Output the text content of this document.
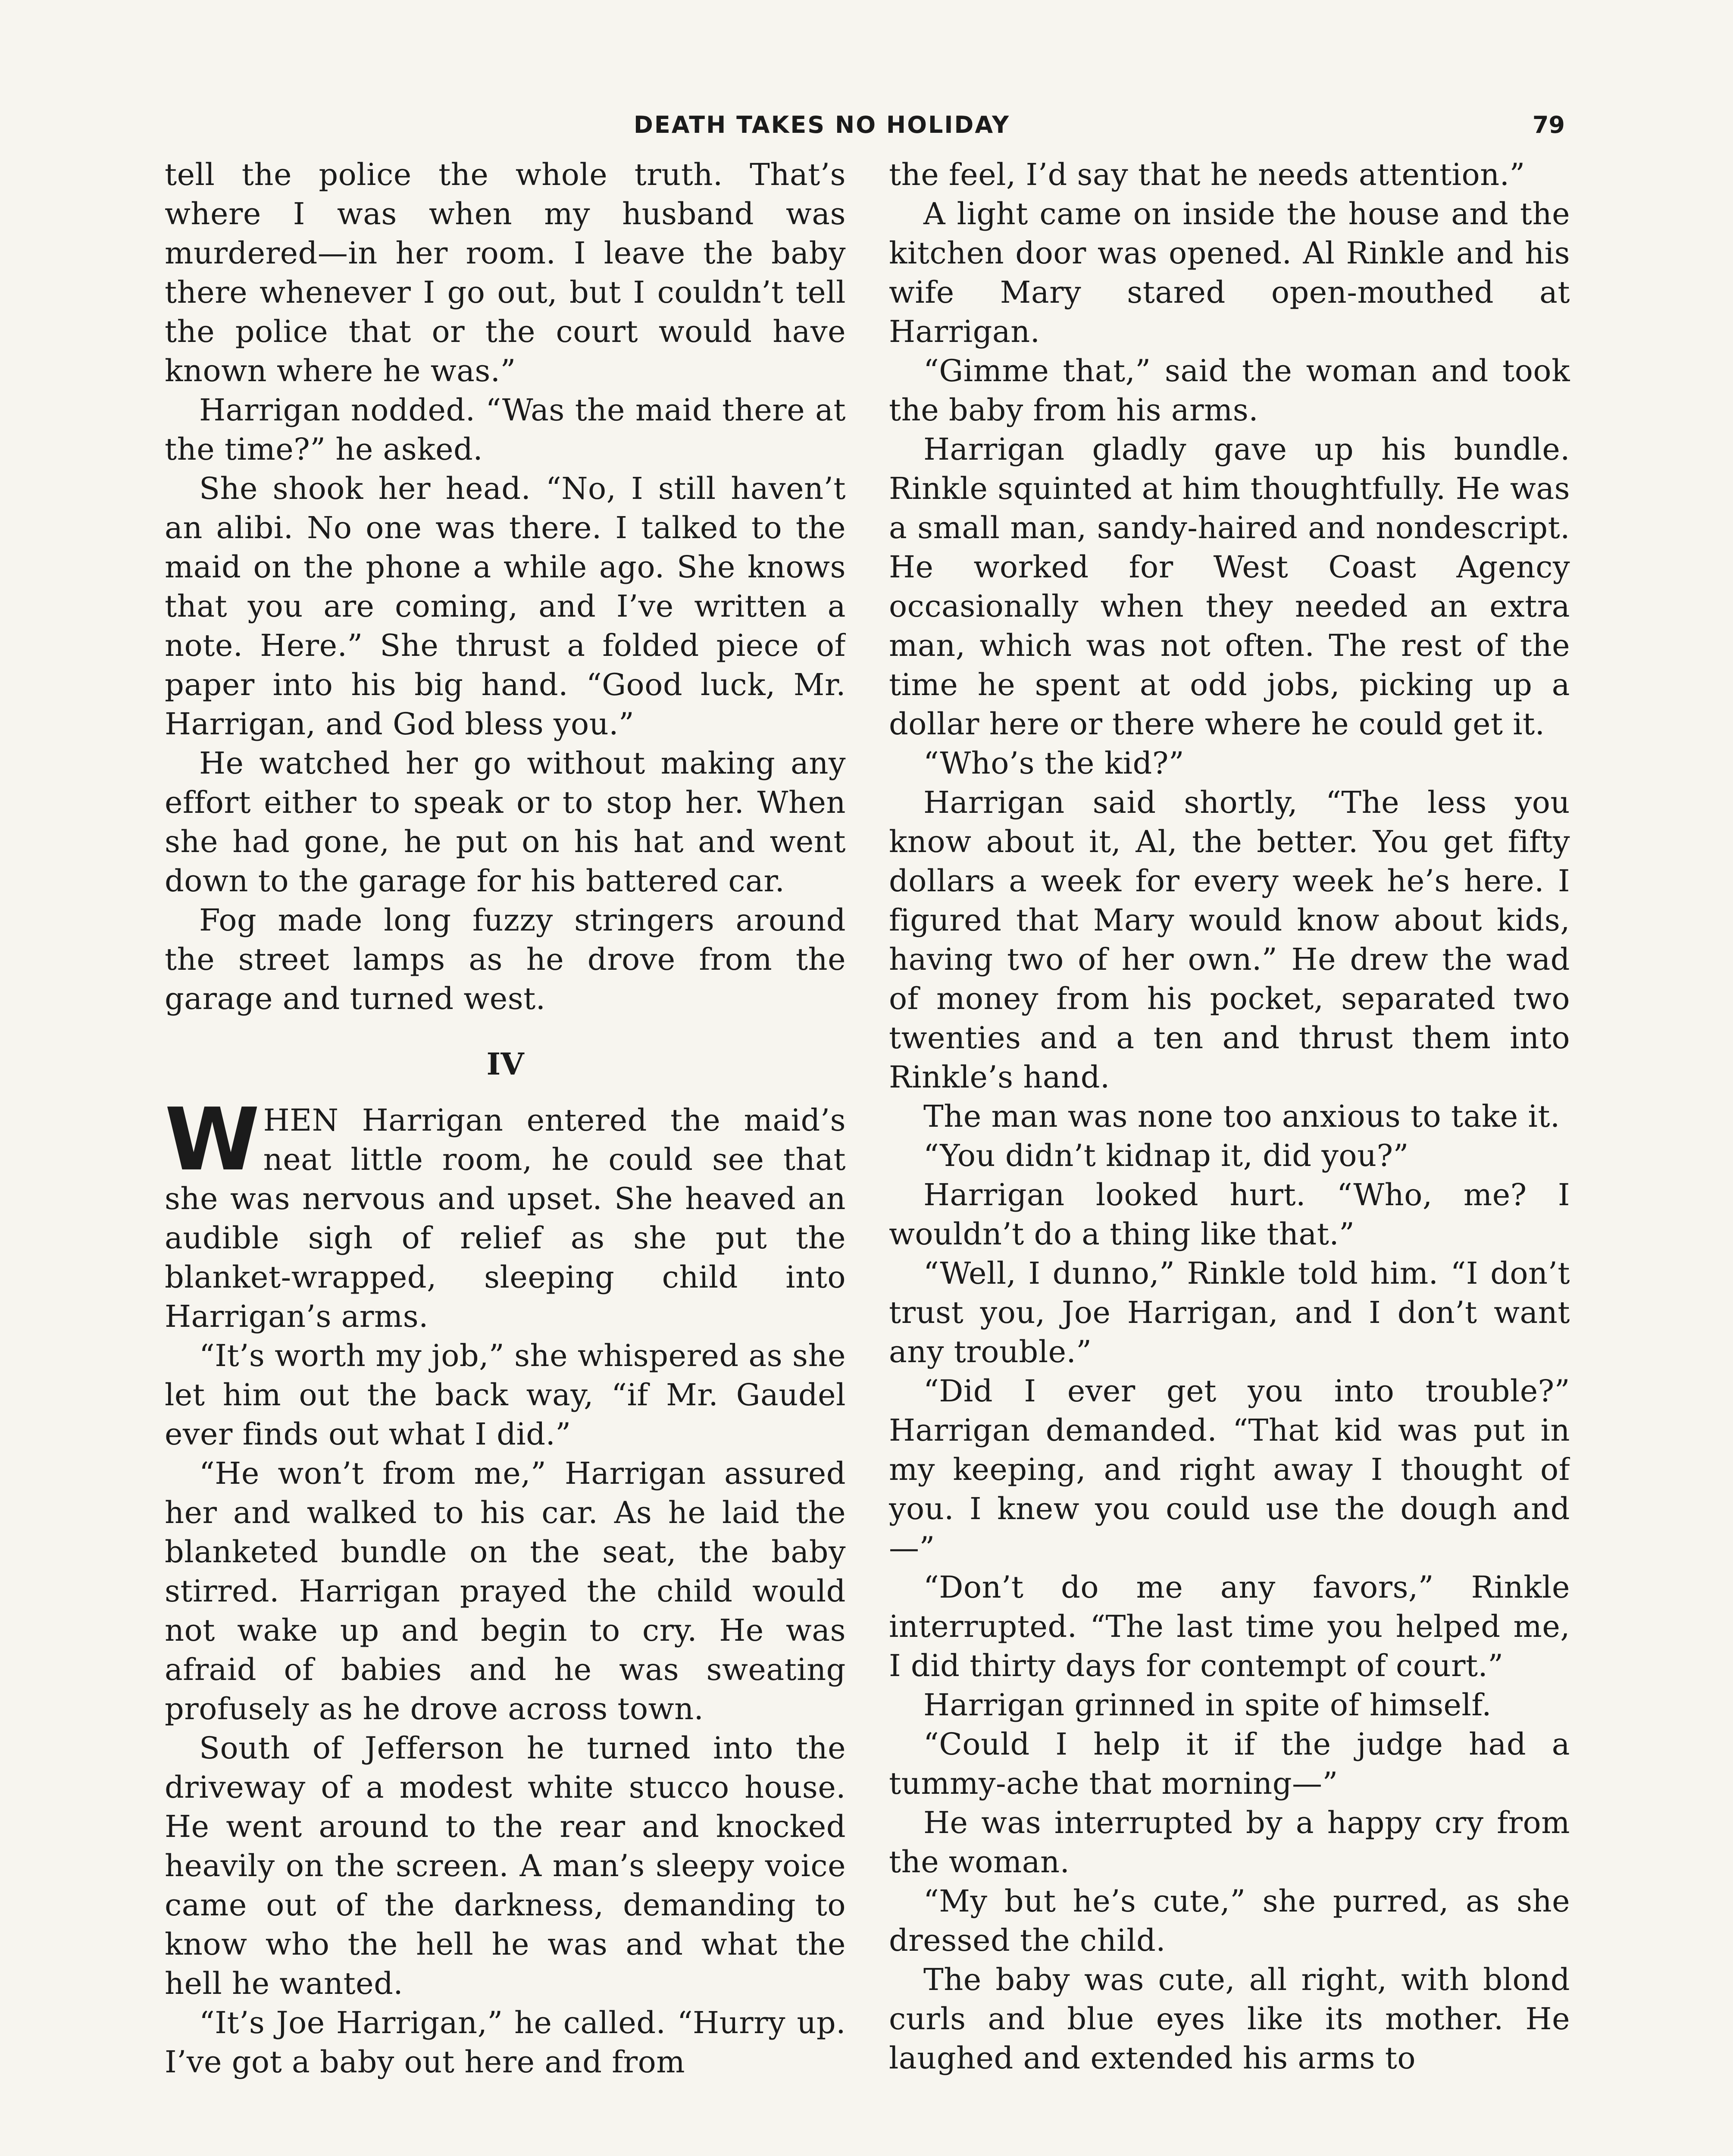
DEATH TAKES NO HOLIDAY	79

tell the police the whole truth. That’s where I was when my husband was murdered—in her room. I leave the baby there whenever I go out, but I couldn’t tell the police that or the court would have known where he was.”

Harrigan nodded. “Was the maid there at the time?” he asked.

She shook her head. “No, I still haven’t an alibi. No one was there. I talked to the maid on the phone a while ago. She knows that you are coming, and I’ve written a note. Here.” She thrust a folded piece of paper into his big hand. “Good luck, Mr. Harrigan, and God bless you.”

He watched her go without making any effort either to speak or to stop her. When she had gone, he put on his hat and went down to the garage for his battered car.

Fog made long fuzzy stringers around the street lamps as he drove from the garage and turned west.

IV

WHEN Harrigan entered the maid’s neat little room, he could see that she was nervous and upset. She heaved an audible sigh of relief as she put the blanket-wrapped, sleeping child into Harrigan’s arms.

“It’s worth my job,” she whispered as she let him out the back way, “if Mr. Gaudel ever finds out what I did.”

“He won’t from me,” Harrigan assured her and walked to his car. As he laid the blanketed bundle on the seat, the baby stirred. Harrigan prayed the child would not wake up and begin to cry. He was afraid of babies and he was sweating profusely as he drove across town.

South of Jefferson he turned into the driveway of a modest white stucco house. He went around to the rear and knocked heavily on the screen. A man’s sleepy voice came out of the darkness, demanding to know who the hell he was and what the hell he wanted.

“It’s Joe Harrigan,” he called. “Hurry up. I’ve got a baby out here and from

the feel, I’d say that he needs attention.”

A light came on inside the house and the kitchen door was opened. Al Rinkle and his wife Mary stared open-mouthed at Harrigan.

“Gimme that,” said the woman and took the baby from his arms.

Harrigan gladly gave up his bundle. Rinkle squinted at him thoughtfully. He was a small man, sandy-haired and nondescript. He worked for West Coast Agency occasionally when they needed an extra man, which was not often. The rest of the time he spent at odd jobs, picking up a dollar here or there where he could get it.

“Who’s the kid?”

Harrigan said shortly, “The less you know about it, Al, the better. You get fifty dollars a week for every week he’s here. I figured that Mary would know about kids, having two of her own.” He drew the wad of money from his pocket, separated two twenties and a ten and thrust them into Rinkle’s hand.

The man was none too anxious to take it.

“You didn’t kidnap it, did you?”

Harrigan looked hurt. “Who, me? I wouldn’t do a thing like that.”

“Well, I dunno,” Rinkle told him. “I don’t trust you, Joe Harrigan, and I don’t want any trouble.”

“Did I ever get you into trouble?” Harrigan demanded. “That kid was put in my keeping, and right away I thought of you. I knew you could use the dough and—”

“Don’t do me any favors,” Rinkle interrupted. “The last time you helped me, I did thirty days for contempt of court.”

Harrigan grinned in spite of himself.

“Could I help it if the judge had a tummy-ache that morning—”

He was interrupted by a happy cry from the woman.

“My but he’s cute,” she purred, as she dressed the child.

The baby was cute, all right, with blond curls and blue eyes like its mother. He laughed and extended his arms to
